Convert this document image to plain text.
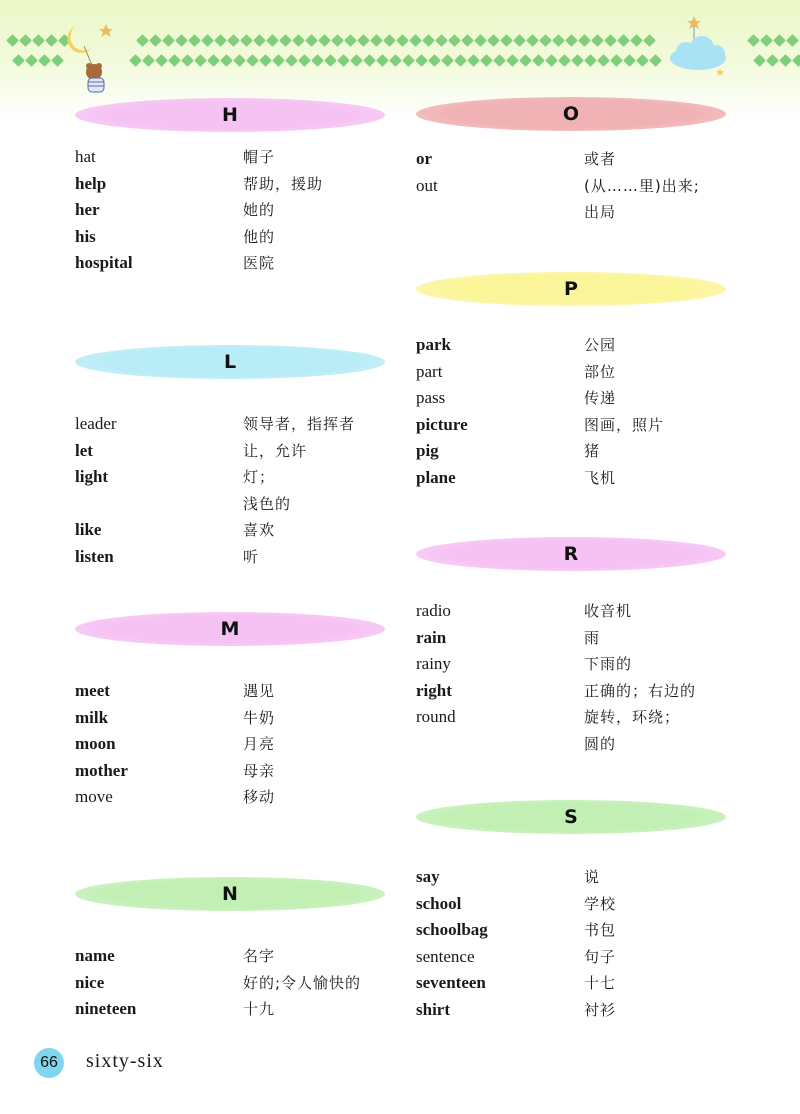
H
hat	帽子
help	帮助，援助
her	她的
his	他的
hospital	医院
L
leader	领导者，指挥者
let	让，允许
light	灯；
浅色的
like	喜欢
listen	听
M
meet	遇见
milk	牛奶
moon	月亮
mother	母亲
move	移动
N
name	名字
nice	好的;令人愉快的
nineteen	十九
O
or	或者
out	(从……里)出来;
出局
P
park	公园
part	部位
pass	传递
picture	图画，照片
pig	猪
plane	飞机
R
radio	收音机
rain	雨
rainy	下雨的
right	正确的；右边的
round	旋转，环绕；
圆的
S
say	说
school	学校
schoolbag	书包
sentence	句子
seventeen	十七
shirt	衬衫
66 sixty-six
